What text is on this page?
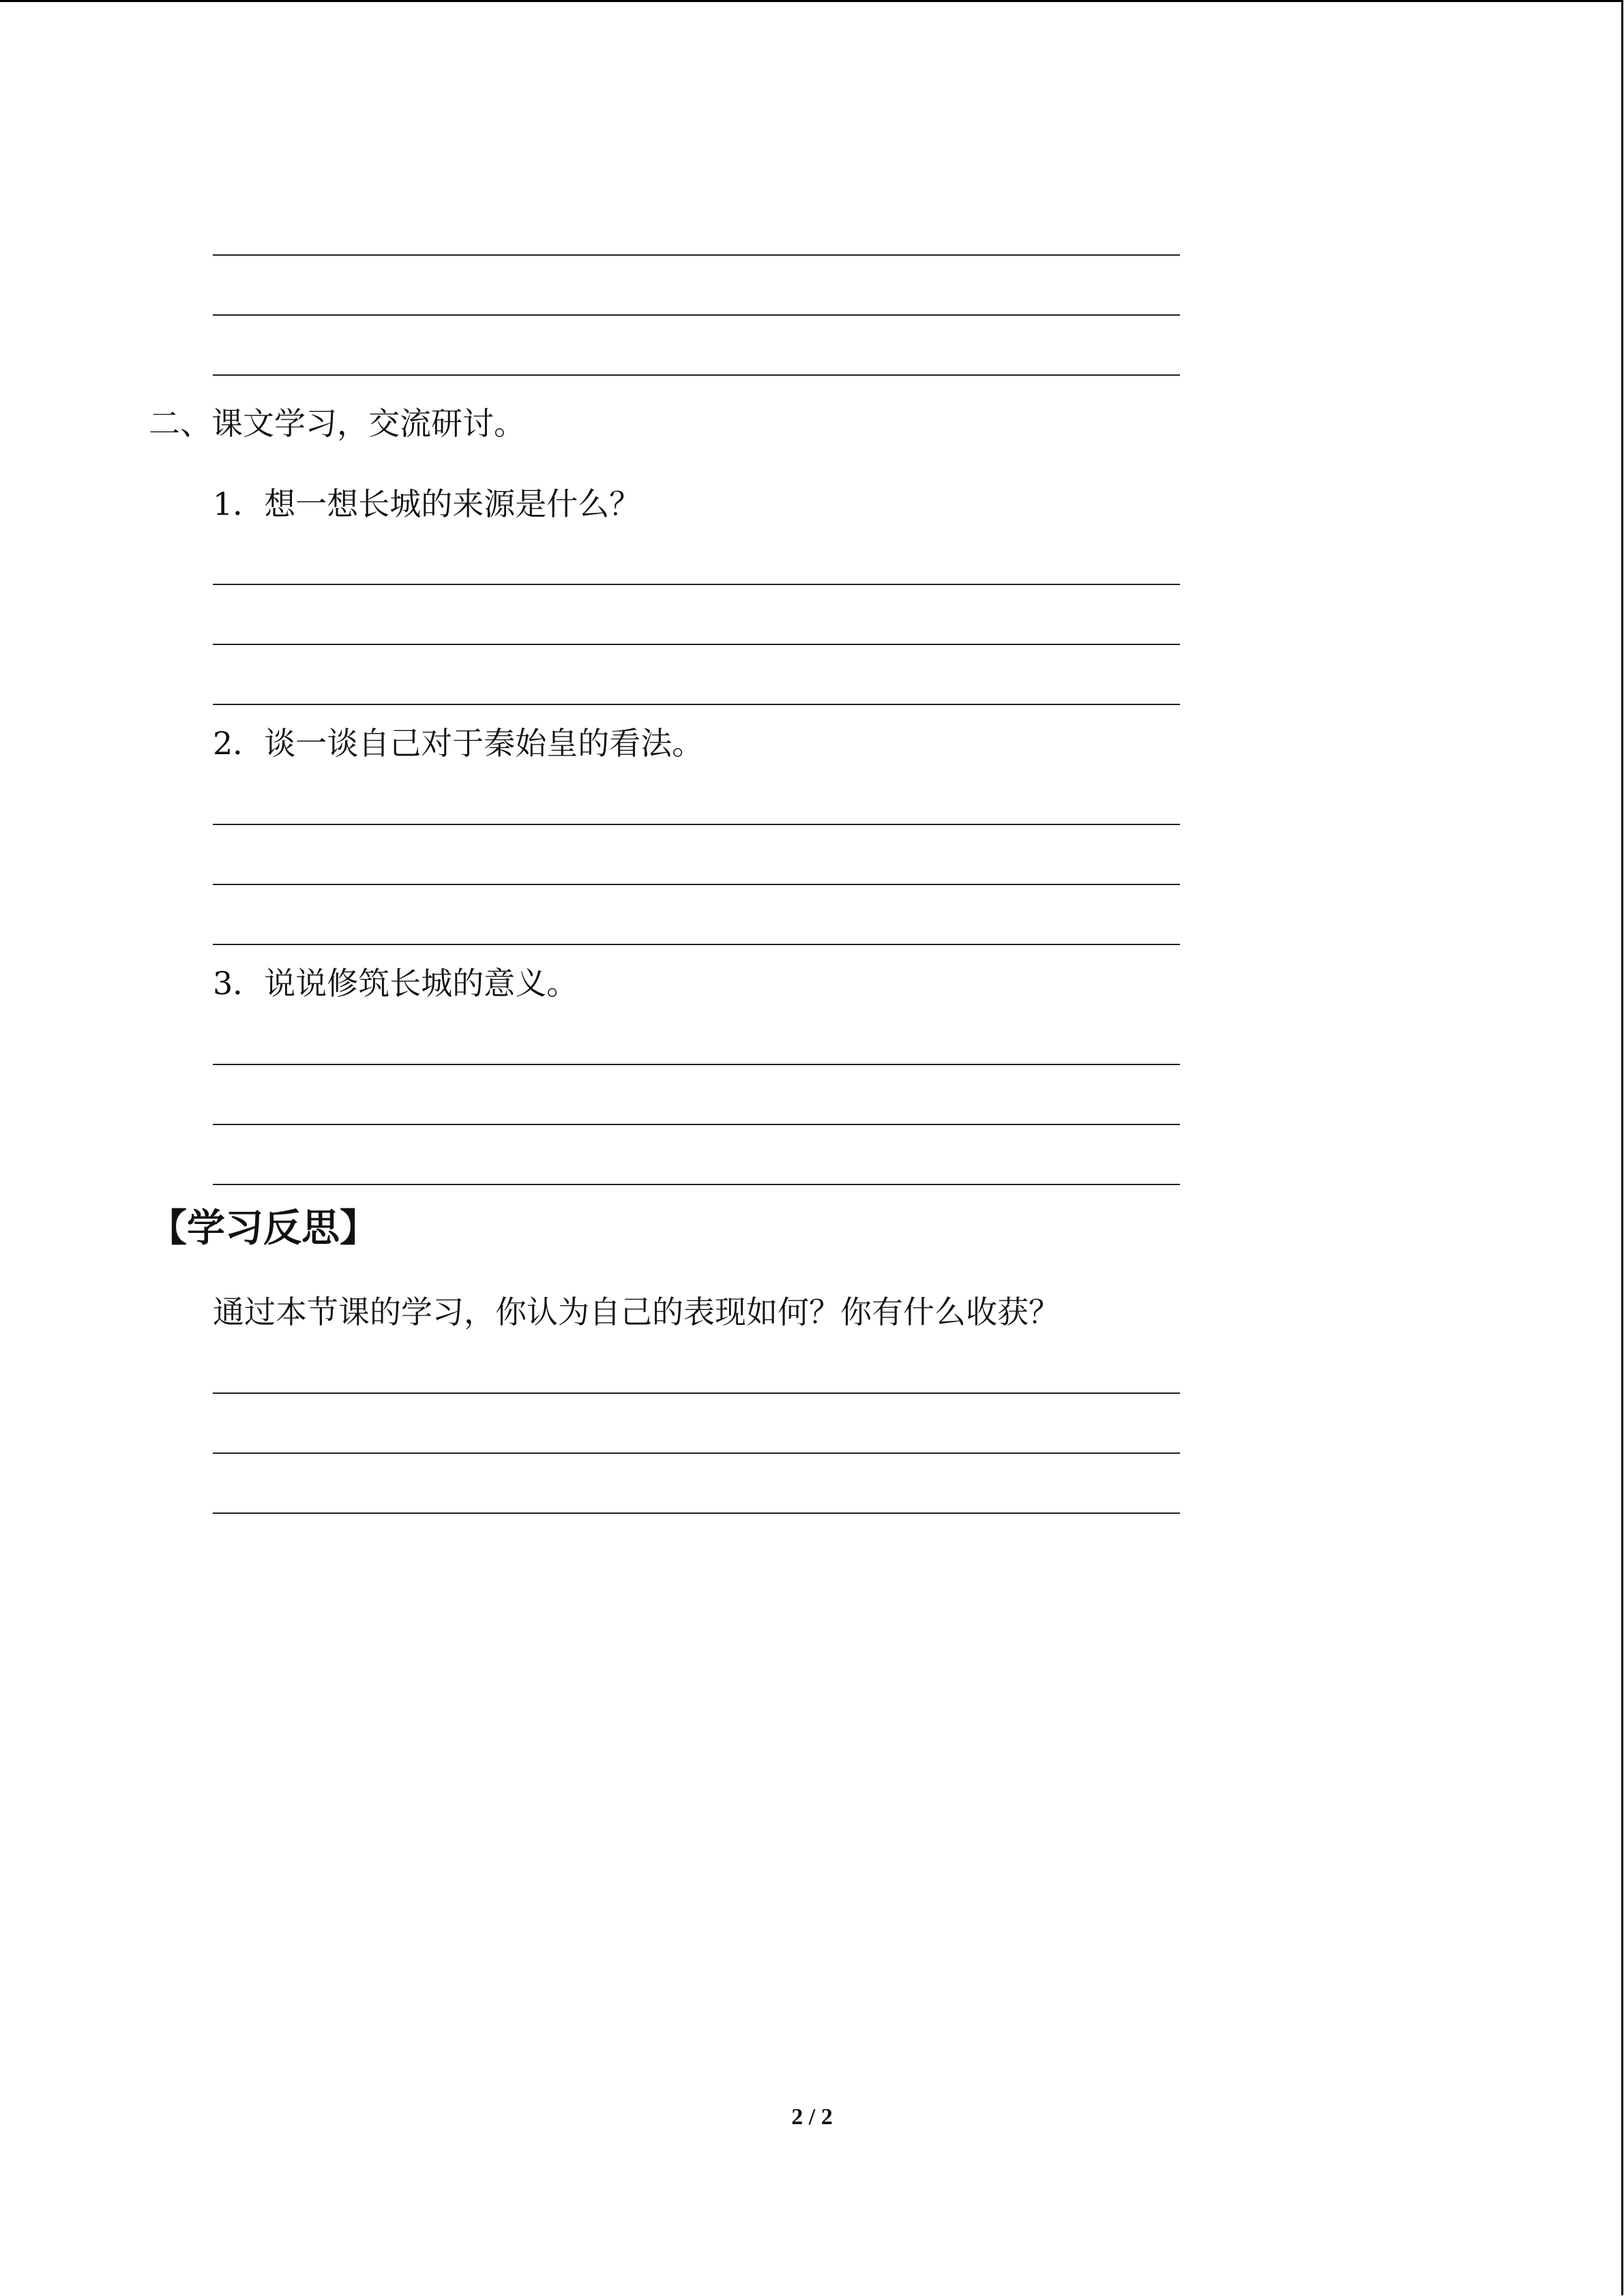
二、课文学习，交流研讨。
1．想一想长城的来源是什么？
2．谈一谈自己对于秦始皇的看法。
3．说说修筑长城的意义。
【学习反思】
通过本节课的学习，你认为自己的表现如何？你有什么收获？
2 / 2
